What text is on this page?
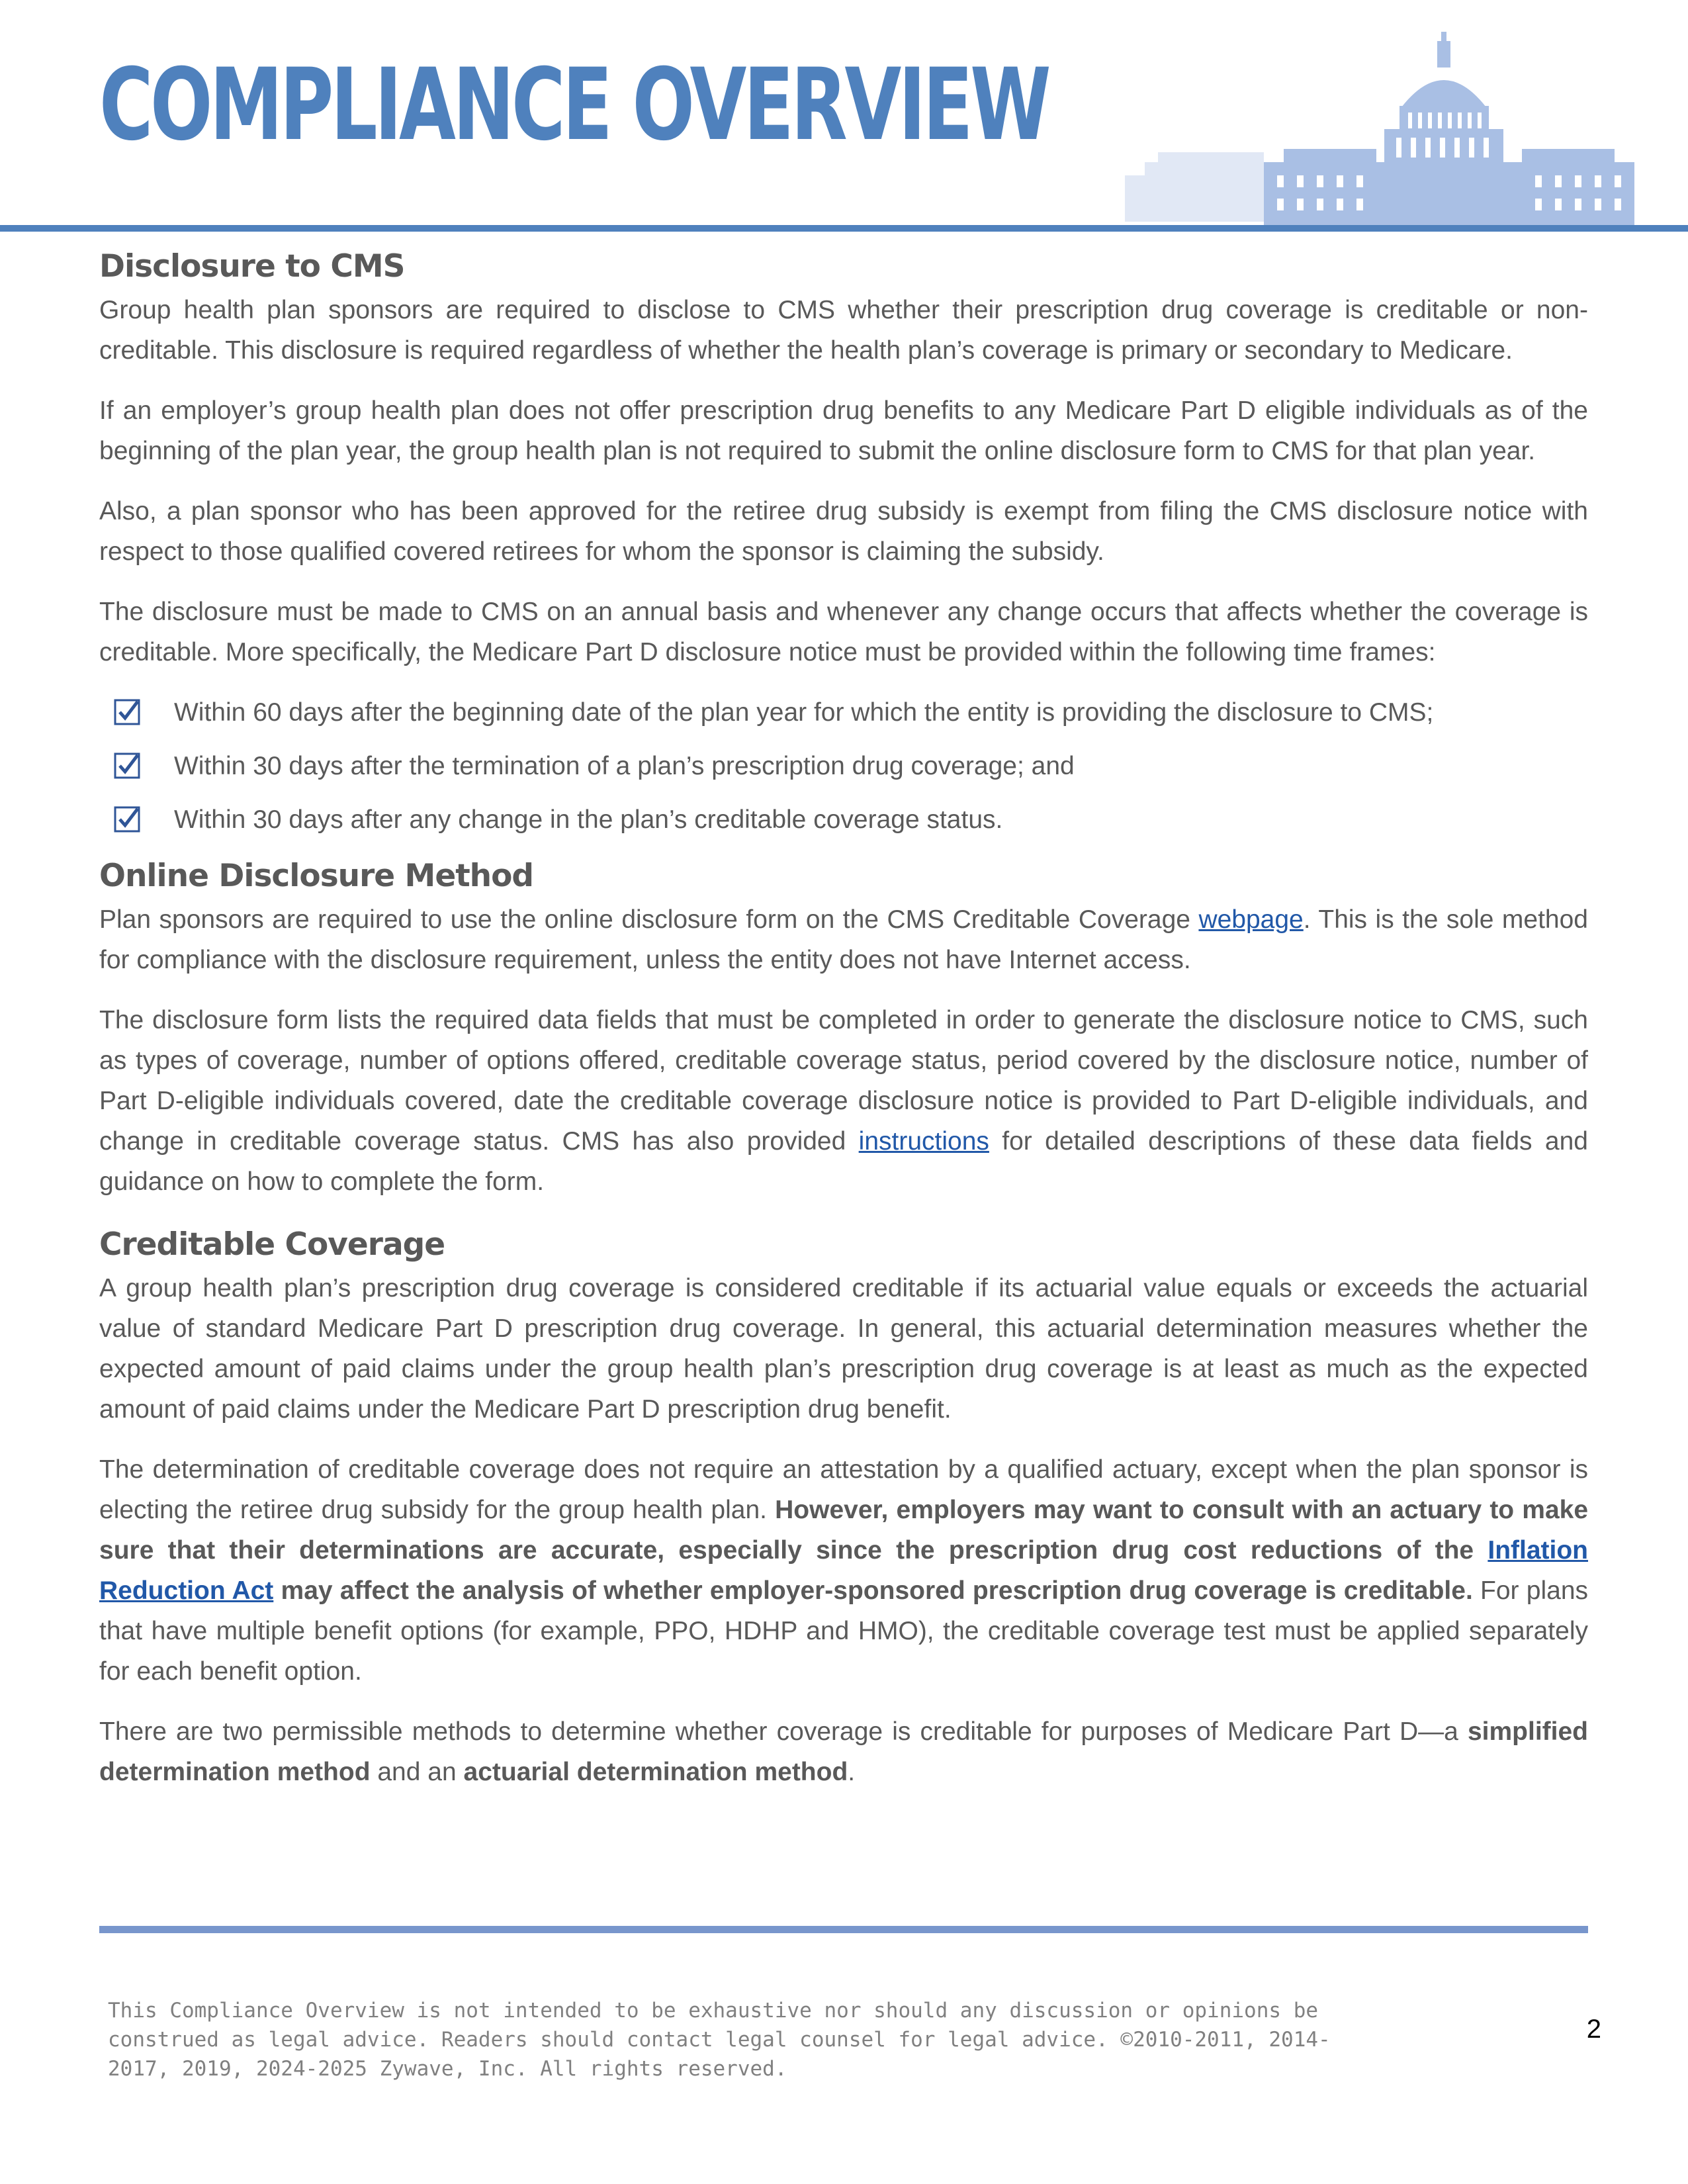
COMPLIANCE OVERVIEW
Disclosure to CMS

Group health plan sponsors are required to disclose to CMS whether their prescription drug coverage is creditable or non-creditable. This disclosure is required regardless of whether the health plan’s coverage is primary or secondary to Medicare.

If an employer’s group health plan does not offer prescription drug benefits to any Medicare Part D eligible individuals as of the beginning of the plan year, the group health plan is not required to submit the online disclosure form to CMS for that plan year.

Also, a plan sponsor who has been approved for the retiree drug subsidy is exempt from filing the CMS disclosure notice with respect to those qualified covered retirees for whom the sponsor is claiming the subsidy.

The disclosure must be made to CMS on an annual basis and whenever any change occurs that affects whether the coverage is creditable. More specifically, the Medicare Part D disclosure notice must be provided within the following time frames:

Within 60 days after the beginning date of the plan year for which the entity is providing the disclosure to CMS;
Within 30 days after the termination of a plan’s prescription drug coverage; and
Within 30 days after any change in the plan’s creditable coverage status.
Online Disclosure Method

Plan sponsors are required to use the online disclosure form on the CMS Creditable Coverage webpage. This is the sole method for compliance with the disclosure requirement, unless the entity does not have Internet access.

The disclosure form lists the required data fields that must be completed in order to generate the disclosure notice to CMS, such as types of coverage, number of options offered, creditable coverage status, period covered by the disclosure notice, number of Part D-eligible individuals covered, date the creditable coverage disclosure notice is provided to Part D-eligible individuals, and change in creditable coverage status. CMS has also provided instructions for detailed descriptions of these data fields and guidance on how to complete the form.

Creditable Coverage

A group health plan’s prescription drug coverage is considered creditable if its actuarial value equals or exceeds the actuarial value of standard Medicare Part D prescription drug coverage. In general, this actuarial determination measures whether the expected amount of paid claims under the group health plan’s prescription drug coverage is at least as much as the expected amount of paid claims under the Medicare Part D prescription drug benefit.

The determination of creditable coverage does not require an attestation by a qualified actuary, except when the plan sponsor is electing the retiree drug subsidy for the group health plan. However, employers may want to consult with an actuary to make sure that their determinations are accurate, especially since the prescription drug cost reductions of the Inflation Reduction Act may affect the analysis of whether employer-sponsored prescription drug coverage is creditable. For plans that have multiple benefit options (for example, PPO, HDHP and HMO), the creditable coverage test must be applied separately for each benefit option.

There are two permissible methods to determine whether coverage is creditable for purposes of Medicare Part D—a simplified determination method and an actuarial determination method.

This Compliance Overview is not intended to be exhaustive nor should any discussion or opinions be construed as legal advice. Readers should contact legal counsel for legal advice. ©2010-2011, 2014-2017, 2019, 2024-2025 Zywave, Inc. All rights reserved.

2
